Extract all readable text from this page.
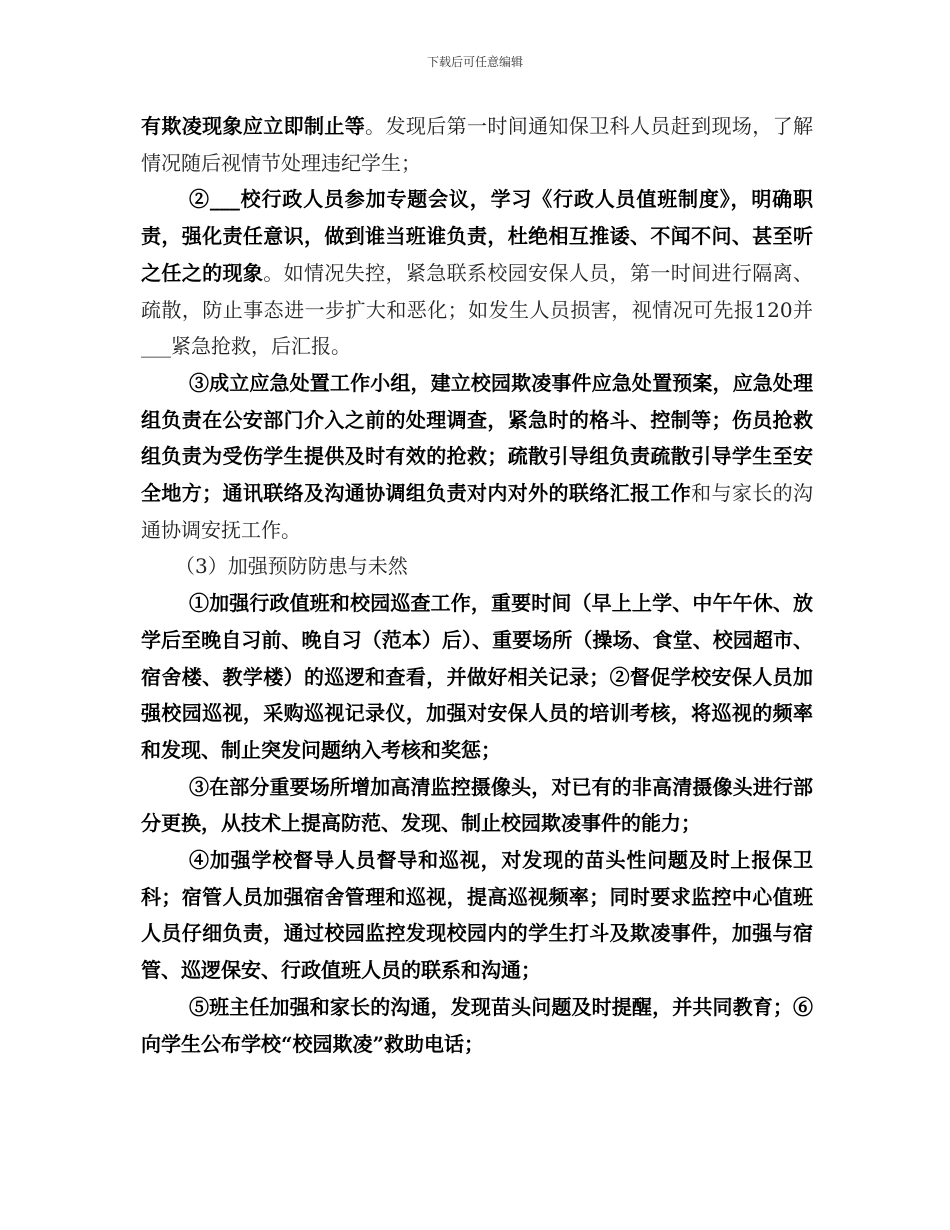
下载后可任意编辑

有欺凌现象应立即制止等。发现后第一时间通知保卫科人员赶到现场，了解情况随后视情节处理违纪学生；

②___校行政人员参加专题会议，学习《行政人员值班制度》，明确职责，强化责任意识，做到谁当班谁负责，杜绝相互推诿、不闻不问、甚至听之任之的现象。如情况失控，紧急联系校园安保人员，第一时间进行隔离、疏散，防止事态进一步扩大和恶化；如发生人员损害，视情况可先报120并___紧急抢救，后汇报。

③成立应急处置工作小组，建立校园欺凌事件应急处置预案，应急处理组负责在公安部门介入之前的处理调查，紧急时的格斗、控制等；伤员抢救组负责为受伤学生提供及时有效的抢救；疏散引导组负责疏散引导学生至安全地方；通讯联络及沟通协调组负责对内对外的联络汇报工作和与家长的沟通协调安抚工作。

（3）加强预防防患与未然

①加强行政值班和校园巡查工作，重要时间（早上上学、中午午休、放学后至晚自习前、晚自习（范本）后）、重要场所（操场、食堂、校园超市、宿舍楼、教学楼）的巡逻和查看，并做好相关记录；②督促学校安保人员加强校园巡视，采购巡视记录仪，加强对安保人员的培训考核，将巡视的频率和发现、制止突发问题纳入考核和奖惩；

③在部分重要场所增加高清监控摄像头，对已有的非高清摄像头进行部分更换，从技术上提高防范、发现、制止校园欺凌事件的能力；

④加强学校督导人员督导和巡视，对发现的苗头性问题及时上报保卫科；宿管人员加强宿舍管理和巡视，提高巡视频率；同时要求监控中心值班人员仔细负责，通过校园监控发现校园内的学生打斗及欺凌事件，加强与宿管、巡逻保安、行政值班人员的联系和沟通；

⑤班主任加强和家长的沟通，发现苗头问题及时提醒，并共同教育；⑥向学生公布学校“校园欺凌”救助电话；
